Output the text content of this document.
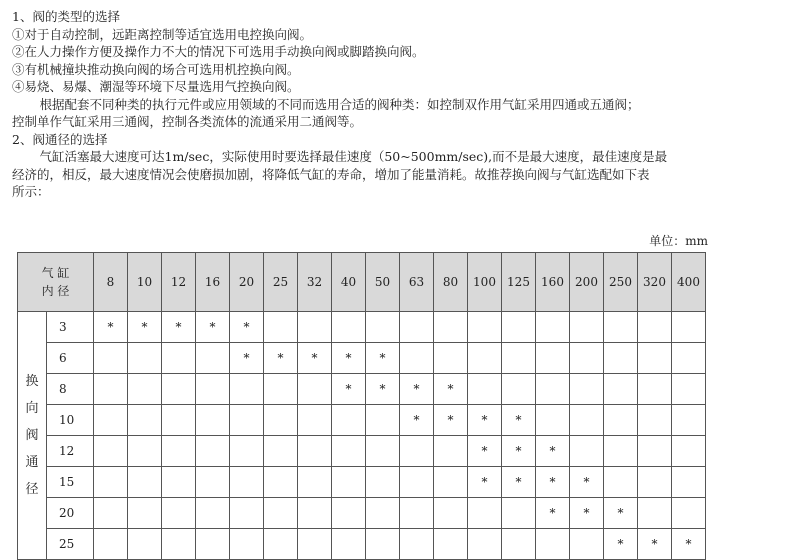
1、阀的类型的选择

①对于自动控制，远距离控制等适宜选用电控换向阀。

②在人力操作方便及操作力不大的情况下可选用手动换向阀或脚踏换向阀。

③有机械撞块推动换向阀的场合可选用机控换向阀。

④易烧、易爆、潮湿等环境下尽量选用气控换向阀。

根据配套不同种类的执行元件或应用领域的不同而选用合适的阀种类：如控制双作用气缸采用四通或五通阀；

控制单作气缸采用三通阀，控制各类流体的流通采用二通阀等。

2、阀通径的选择

气缸活塞最大速度可达1m/sec，实际使用时要选择最佳速度（50~500mm/sec),而不是最大速度，最佳速度是最

经济的，相反，最大速度情况会使磨损加剧，将降低气缸的寿命，增加了能量消耗。故推荐换向阀与气缸选配如下表

所示：

单位：mm
气 缸
内 径		8	10	12	16	20	25	32	40	50	63	80	100	125	160	200	250	320	400

换
向
阀
通
径	3	*	*	*	*	*													
	6					*	*	*	*	*									
	8								*	*	*	*							
	10										*	*	*	*					
	12												*	*	*				
	15												*	*	*	*			
	20														*	*	*		
	25																*	*	*
